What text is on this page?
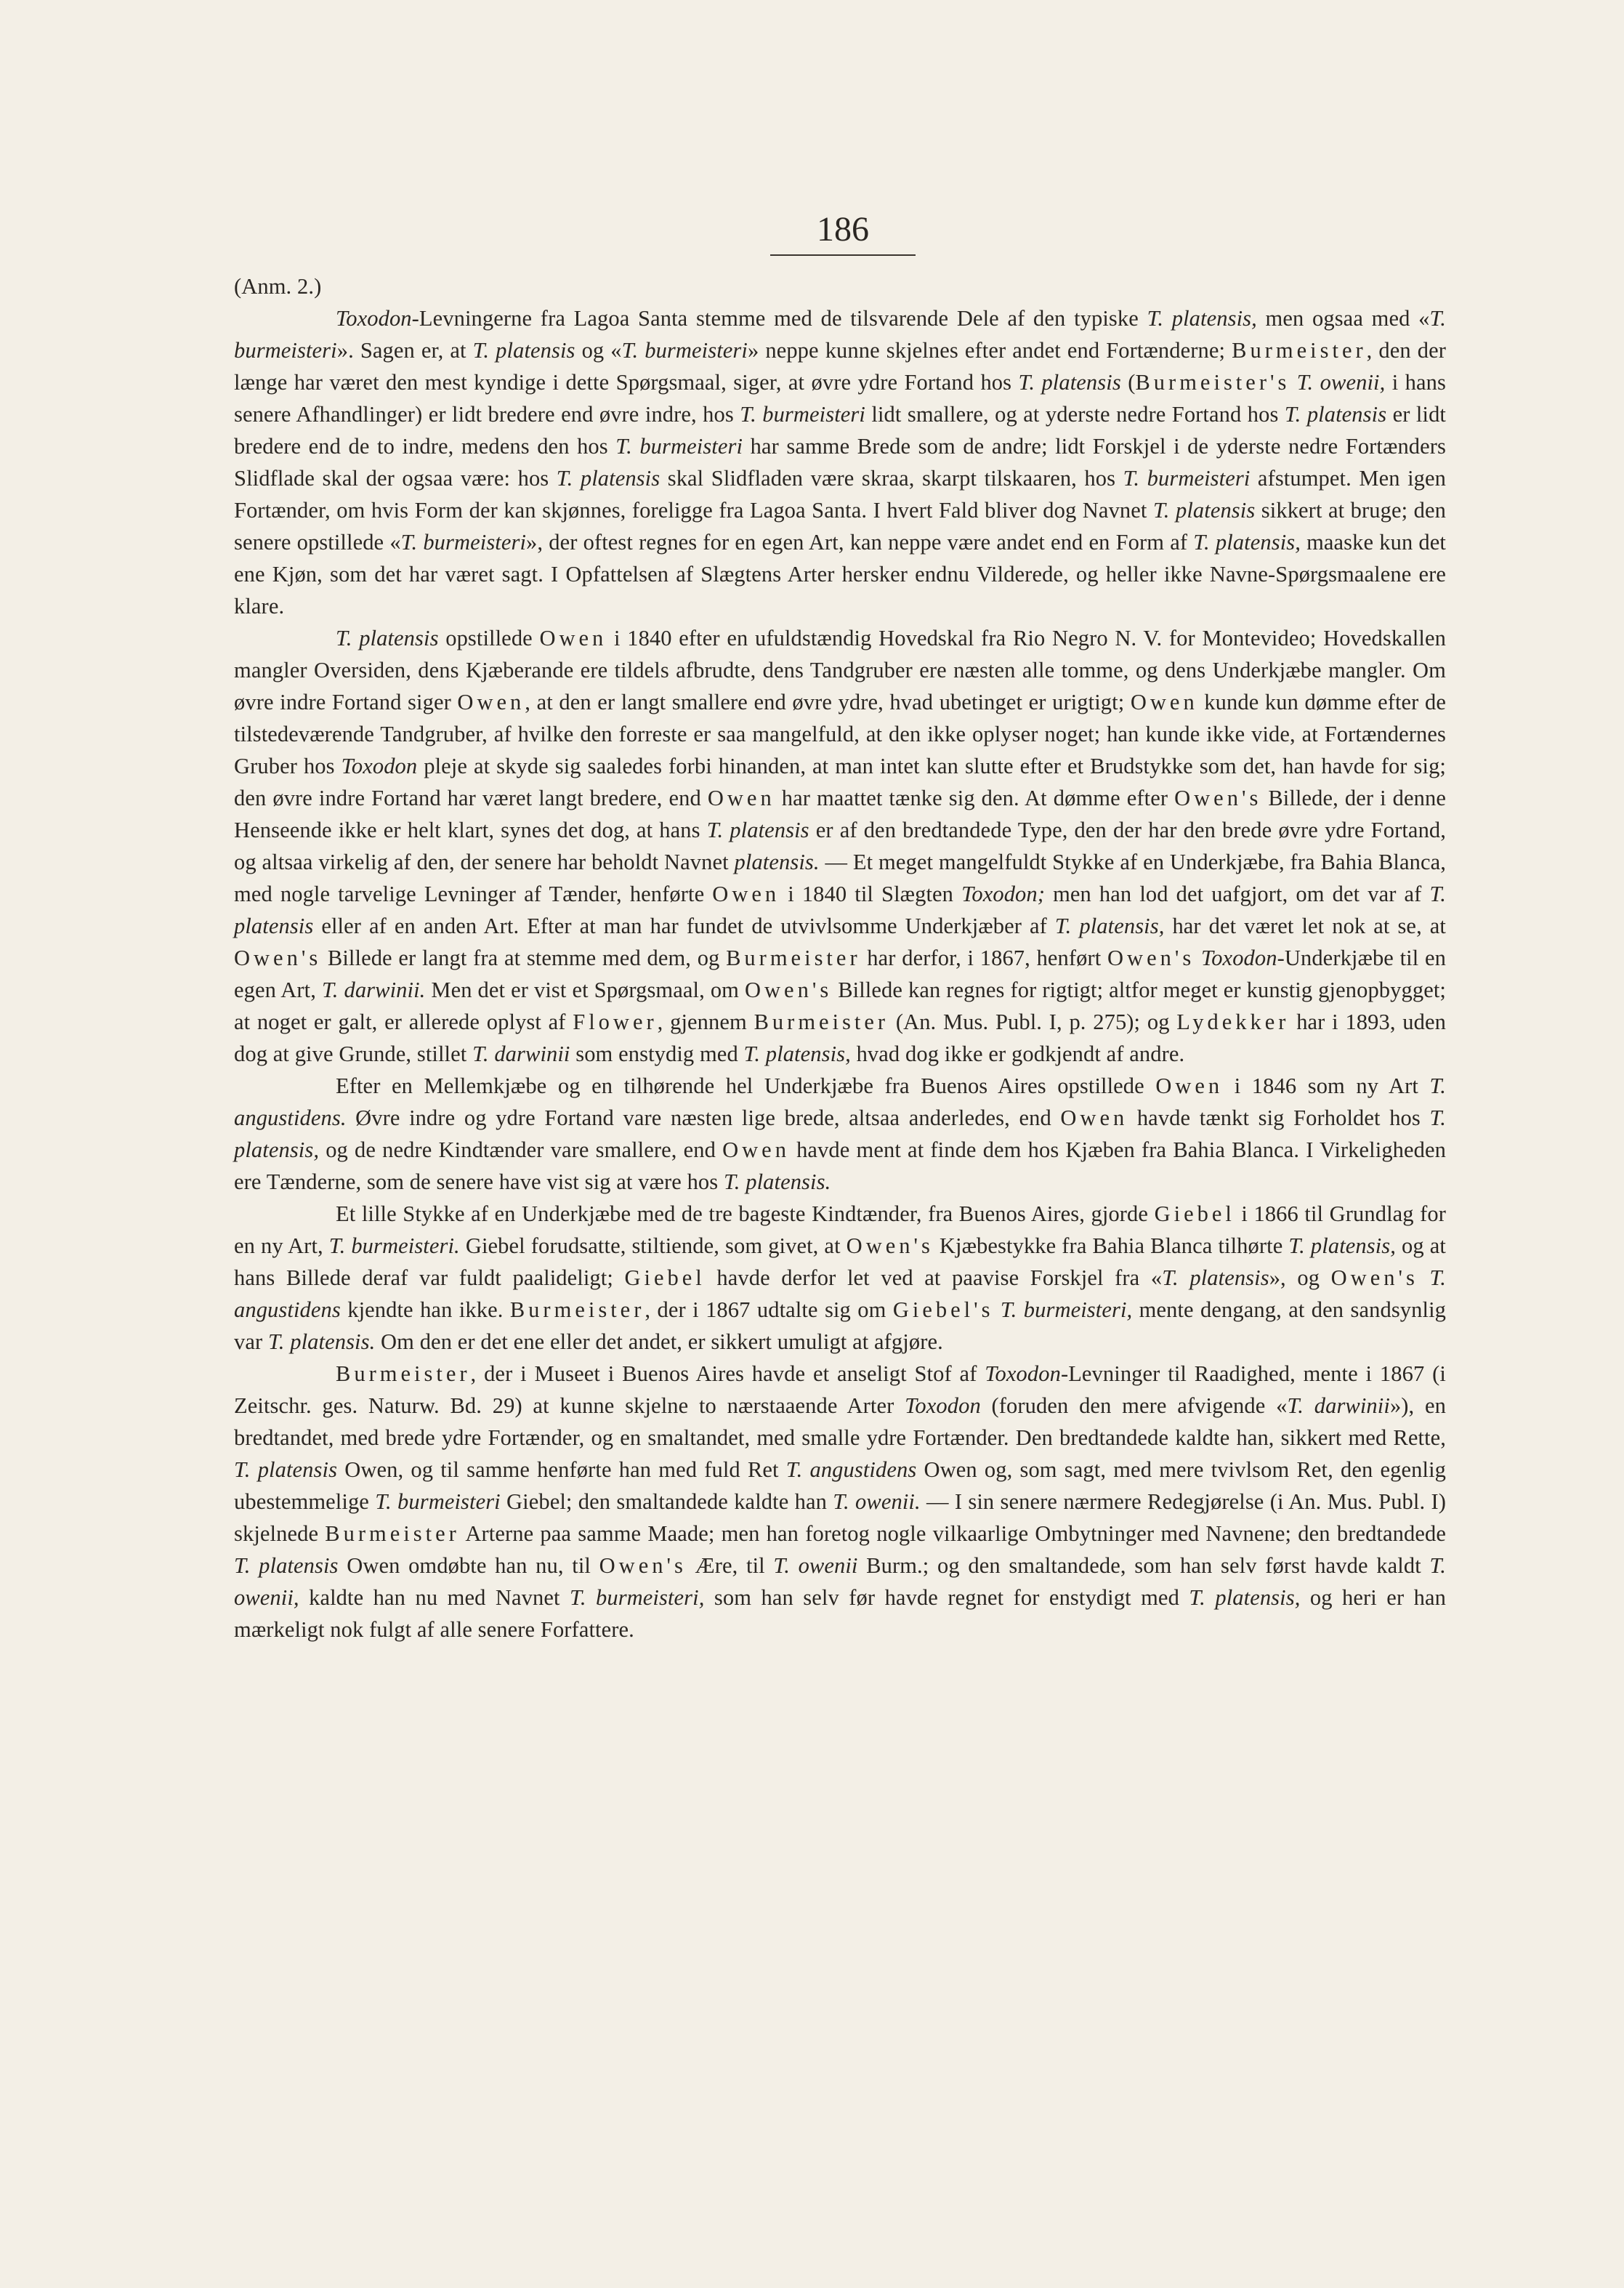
186
(Anm. 2.)

Toxodon-Levningerne fra Lagoa Santa stemme med de tilsvarende Dele af den typiske T. platensis, men ogsaa med «T. burmeisteri». Sagen er, at T. platensis og «T. burmeisteri» neppe kunne skjelnes efter andet end Fortænderne; Burmeister, den der længe har været den mest kyndige i dette Spørgsmaal, siger, at øvre ydre Fortand hos T. platensis (Burmeister's T. owenii, i hans senere Afhandlinger) er lidt bredere end øvre indre, hos T. burmeisteri lidt smallere, og at yderste nedre Fortand hos T. platensis er lidt bredere end de to indre, medens den hos T. burmeisteri har samme Brede som de andre; lidt Forskjel i de yderste nedre Fortænders Slidflade skal der ogsaa være: hos T. platensis skal Slidfladen være skraa, skarpt tilskaaren, hos T. burmeisteri afstumpet. Men igen Fortænder, om hvis Form der kan skjønnes, foreligge fra Lagoa Santa. I hvert Fald bliver dog Navnet T. platensis sikkert at bruge; den senere opstillede «T. burmeisteri», der oftest regnes for en egen Art, kan neppe være andet end en Form af T. platensis, maaske kun det ene Kjøn, som det har været sagt. I Opfattelsen af Slægtens Arter hersker endnu Vilderede, og heller ikke Navne-Spørgsmaalene ere klare.

T. platensis opstillede Owen i 1840 efter en ufuldstændig Hovedskal fra Rio Negro N. V. for Montevideo; Hovedskallen mangler Oversiden, dens Kjæberande ere tildels afbrudte, dens Tandgruber ere næsten alle tomme, og dens Underkjæbe mangler. Om øvre indre Fortand siger Owen, at den er langt smallere end øvre ydre, hvad ubetinget er urigtigt; Owen kunde kun dømme efter de tilstedeværende Tandgruber, af hvilke den forreste er saa mangelfuld, at den ikke oplyser noget; han kunde ikke vide, at Fortændernes Gruber hos Toxodon pleje at skyde sig saaledes forbi hinanden, at man intet kan slutte efter et Brudstykke som det, han havde for sig; den øvre indre Fortand har været langt bredere, end Owen har maattet tænke sig den. At dømme efter Owen's Billede, der i denne Henseende ikke er helt klart, synes det dog, at hans T. platensis er af den bredtandede Type, den der har den brede øvre ydre Fortand, og altsaa virkelig af den, der senere har beholdt Navnet platensis. — Et meget mangelfuldt Stykke af en Underkjæbe, fra Bahia Blanca, med nogle tarvelige Levninger af Tænder, henførte Owen i 1840 til Slægten Toxodon; men han lod det uafgjort, om det var af T. platensis eller af en anden Art. Efter at man har fundet de utvivlsomme Underkjæber af T. platensis, har det været let nok at se, at Owen's Billede er langt fra at stemme med dem, og Burmeister har derfor, i 1867, henført Owen's Toxodon-Underkjæbe til en egen Art, T. darwinii. Men det er vist et Spørgsmaal, om Owen's Billede kan regnes for rigtigt; altfor meget er kunstig gjenopbygget; at noget er galt, er allerede oplyst af Flower, gjennem Burmeister (An. Mus. Publ. I, p. 275); og Lydekker har i 1893, uden dog at give Grunde, stillet T. darwinii som enstydig med T. platensis, hvad dog ikke er godkjendt af andre.

Efter en Mellemkjæbe og en tilhørende hel Underkjæbe fra Buenos Aires opstillede Owen i 1846 som ny Art T. angustidens. Øvre indre og ydre Fortand vare næsten lige brede, altsaa anderledes, end Owen havde tænkt sig Forholdet hos T. platensis, og de nedre Kindtænder vare smallere, end Owen havde ment at finde dem hos Kjæben fra Bahia Blanca. I Virkeligheden ere Tænderne, som de senere have vist sig at være hos T. platensis.

Et lille Stykke af en Underkjæbe med de tre bageste Kindtænder, fra Buenos Aires, gjorde Giebel i 1866 til Grundlag for en ny Art, T. burmeisteri. Giebel forudsatte, stiltiende, som givet, at Owen's Kjæbestykke fra Bahia Blanca tilhørte T. platensis, og at hans Billede deraf var fuldt paalideligt; Giebel havde derfor let ved at paavise Forskjel fra «T. platensis», og Owen's T. angustidens kjendte han ikke. Burmeister, der i 1867 udtalte sig om Giebel's T. burmeisteri, mente dengang, at den sandsynlig var T. platensis. Om den er det ene eller det andet, er sikkert umuligt at afgjøre.

Burmeister, der i Museet i Buenos Aires havde et anseligt Stof af Toxodon-Levninger til Raadighed, mente i 1867 (i Zeitschr. ges. Naturw. Bd. 29) at kunne skjelne to nærstaaende Arter Toxodon (foruden den mere afvigende «T. darwinii»), en bredtandet, med brede ydre Fortænder, og en smaltandet, med smalle ydre Fortænder. Den bredtandede kaldte han, sikkert med Rette, T. platensis Owen, og til samme henførte han med fuld Ret T. angustidens Owen og, som sagt, med mere tvivlsom Ret, den egenlig ubestemmelige T. burmeisteri Giebel; den smaltandede kaldte han T. owenii. — I sin senere nærmere Redegjørelse (i An. Mus. Publ. I) skjelnede Burmeister Arterne paa samme Maade; men han foretog nogle vilkaarlige Ombytninger med Navnene; den bredtandede T. platensis Owen omdøbte han nu, til Owen's Ære, til T. owenii Burm.; og den smaltandede, som han selv først havde kaldt T. owenii, kaldte han nu med Navnet T. burmeisteri, som han selv før havde regnet for enstydigt med T. platensis, og heri er han mærkeligt nok fulgt af alle senere Forfattere.
